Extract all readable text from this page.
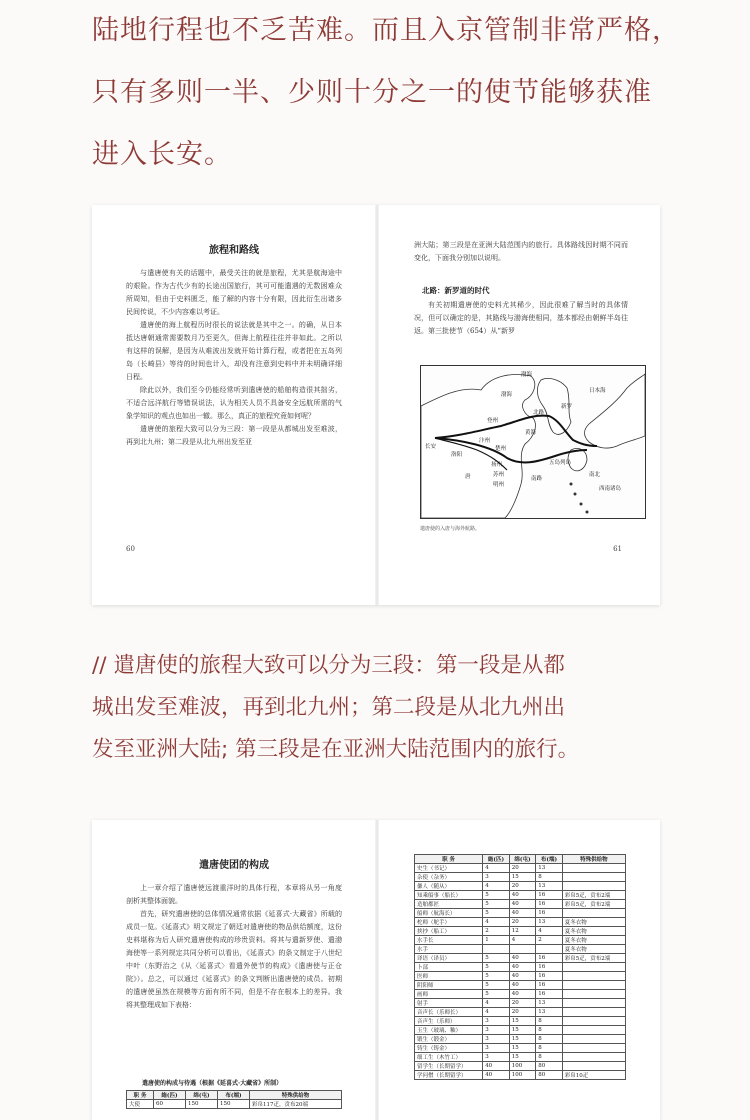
陆地行程也不乏苦难。而且入京管制非常严格，
只有多则一半、少则十分之一的使节能够获准
进入长安。
旅程和路线

与遣唐使有关的话题中，最受关注的就是旅程，尤其是航海途中的艰险。作为古代少有的长途出国旅行，其可可能遣遇的无数困难众所周知，但由于史料匮乏，能了解的内容十分有限，因此衍生出诸多民间传说，不少内容难以考证。

遣唐使的海上航程历时很长的说法就是其中之一。的确，从日本抵达唐朝通常需要数月乃至更久，但海上航程往往并非如此。之所以有这样的误解，是因为从难波出发就开始计算行程，或者把在五岛列岛（长崎县）等待的时间也计入，却没有注意到史料中并未明确详细日程。

除此以外，我们至今仍能经常听到遣唐使的船舶构造很其拙劣，不适合远洋航行等错误说法，认为相关人员不具备安全远航所需的气象学知识的观点也如出一辙。那么，真正的旅程究竟如何呢？

遣唐使的旅程大致可以分为三段：第一段是从都城出发至难波，再到北九州；第二段是从北九州出发至亚

60

洲大陆；第三段是在亚洲大陆范围内的旅行。具体路线因时期不同而变化，下面我分别加以说明。

北路：新罗道的时代

有关初期遣唐使的史料尤其稀少，因此很难了解当时的具体情况，但可以确定的是，其路线与渤海使相同，基本都经由朝鲜半岛往返。第三批使节（654）从“新罗

61
渤海
渤海
日本海
新罗
北路
黄海
长安
洛阳
汴州
登州
楚州
唐
扬州
苏州
明州
五岛列岛
南路
南北
西南诸岛
遣唐使的入唐与海外航路。
// 遣唐使的旅程大致可以分为三段：第一段是从都
城出发至难波，再到北九州；第二段是从北九州出
发至亚洲大陆; 第三段是在亚洲大陆范围内的旅行。
遣唐使团的构成

上一章介绍了遣唐使远渡重洋时的具体行程，本章将从另一角度剖析其整体面貌。

首先，研究遣唐使的总体情况通常依据《延喜式·大藏省》所载的成员一览。《延喜式》明文规定了朝廷对遣唐使的物品供给额度，这份史料堪称为后人研究遣唐使构成的珍贵资料。将其与遣新罗使、遣渤海使等一系列规定共同分析可以看出，《延喜式》的条文制定于八世纪中叶（东野治之《从〈延喜式〉看遣外使节的构成》《遣唐使与正仓院》）。总之，可以通过《延喜式》的条文判断出遣唐使的成员。初期的遣唐使虽然在规模等方面有所不同，但是不存在根本上的差异。我将其整理成如下表格：

遣唐使的构成与待遇（根据《延喜式·大藏省》所制）
职 务	絁(匹)	绵(屯)	布(端)	特殊供给物
大使	60	150	150	彩帛117疋，贲布20端
职 务	絁(匹)	绵(屯)	布(端)	特殊供给物
史生（书记）	4	20	13	
杂使（杂务）	3	15	8	
傔人（随从）	4	20	13	
知乘船事（船长）	5	40	16	彩帛5疋，贲布2端
造舶都匠	5	40	16	彩帛5疋，贲布2端
船师（航海长）	5	40	16	
柁师（舵手）	4	20	13	夏冬衣物
挟抄（船工）	2	12	4	夏冬衣物
水手长	1	4	2	夏冬衣物
水手				夏冬衣物
译语（译员）	5	40	16	彩帛5疋，贲布2端
卜部	5	40	16	
医师	5	40	16	
阴阳师	5	40	16	
画师	5	40	16	
射手	4	20	13	
音声长（乐师长）	4	20	13	
音声生（乐师）	3	15	8	
玉生（玻璃、釉）	3	15	8	
锻生（锻金）	3	15	8	
铸生（铸金）	3	15	8	
细工生（木竹工）	3	15	8	
留学生（长期留学）	40	100	80	
学问僧（长期留学）	40	100	80	彩帛10疋
